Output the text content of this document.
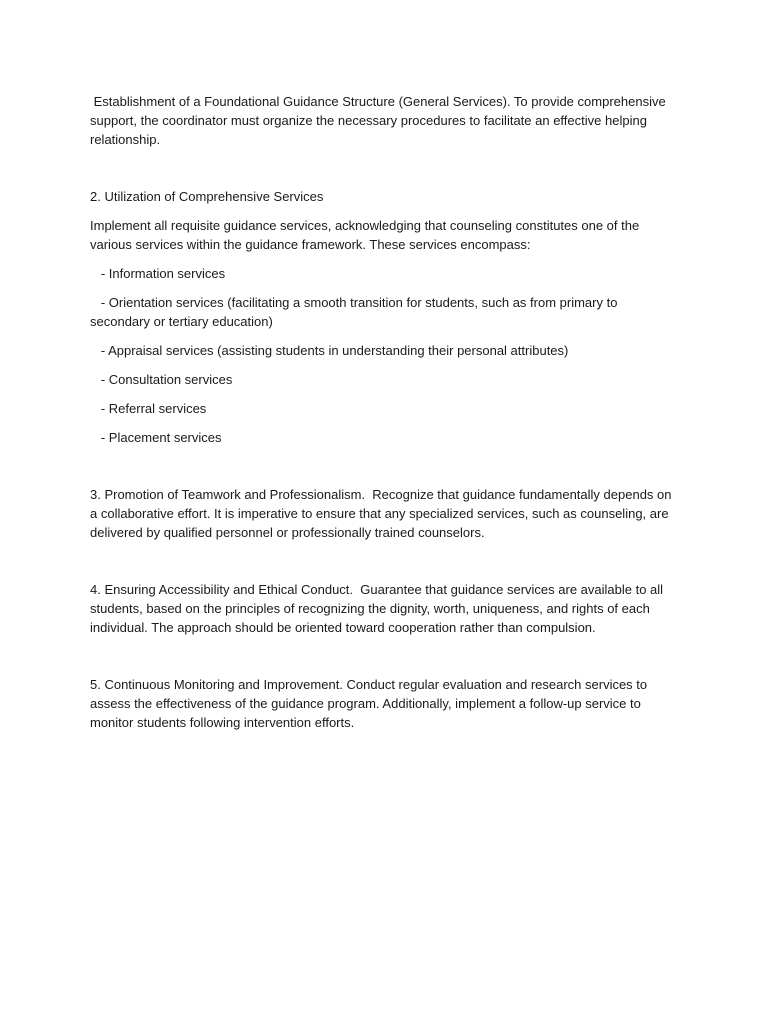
Establishment of a Foundational Guidance Structure (General Services). To provide comprehensive support, the coordinator must organize the necessary procedures to facilitate an effective helping relationship.

2. Utilization of Comprehensive Services

Implement all requisite guidance services, acknowledging that counseling constitutes one of the various services within the guidance framework. These services encompass:

- Information services

- Orientation services (facilitating a smooth transition for students, such as from primary to secondary or tertiary education)

- Appraisal services (assisting students in understanding their personal attributes)

- Consultation services

- Referral services

- Placement services

3. Promotion of Teamwork and Professionalism.  Recognize that guidance fundamentally depends on a collaborative effort. It is imperative to ensure that any specialized services, such as counseling, are delivered by qualified personnel or professionally trained counselors.

4. Ensuring Accessibility and Ethical Conduct.  Guarantee that guidance services are available to all students, based on the principles of recognizing the dignity, worth, uniqueness, and rights of each individual. The approach should be oriented toward cooperation rather than compulsion.

5. Continuous Monitoring and Improvement. Conduct regular evaluation and research services to assess the effectiveness of the guidance program. Additionally, implement a follow-up service to monitor students following intervention efforts.
